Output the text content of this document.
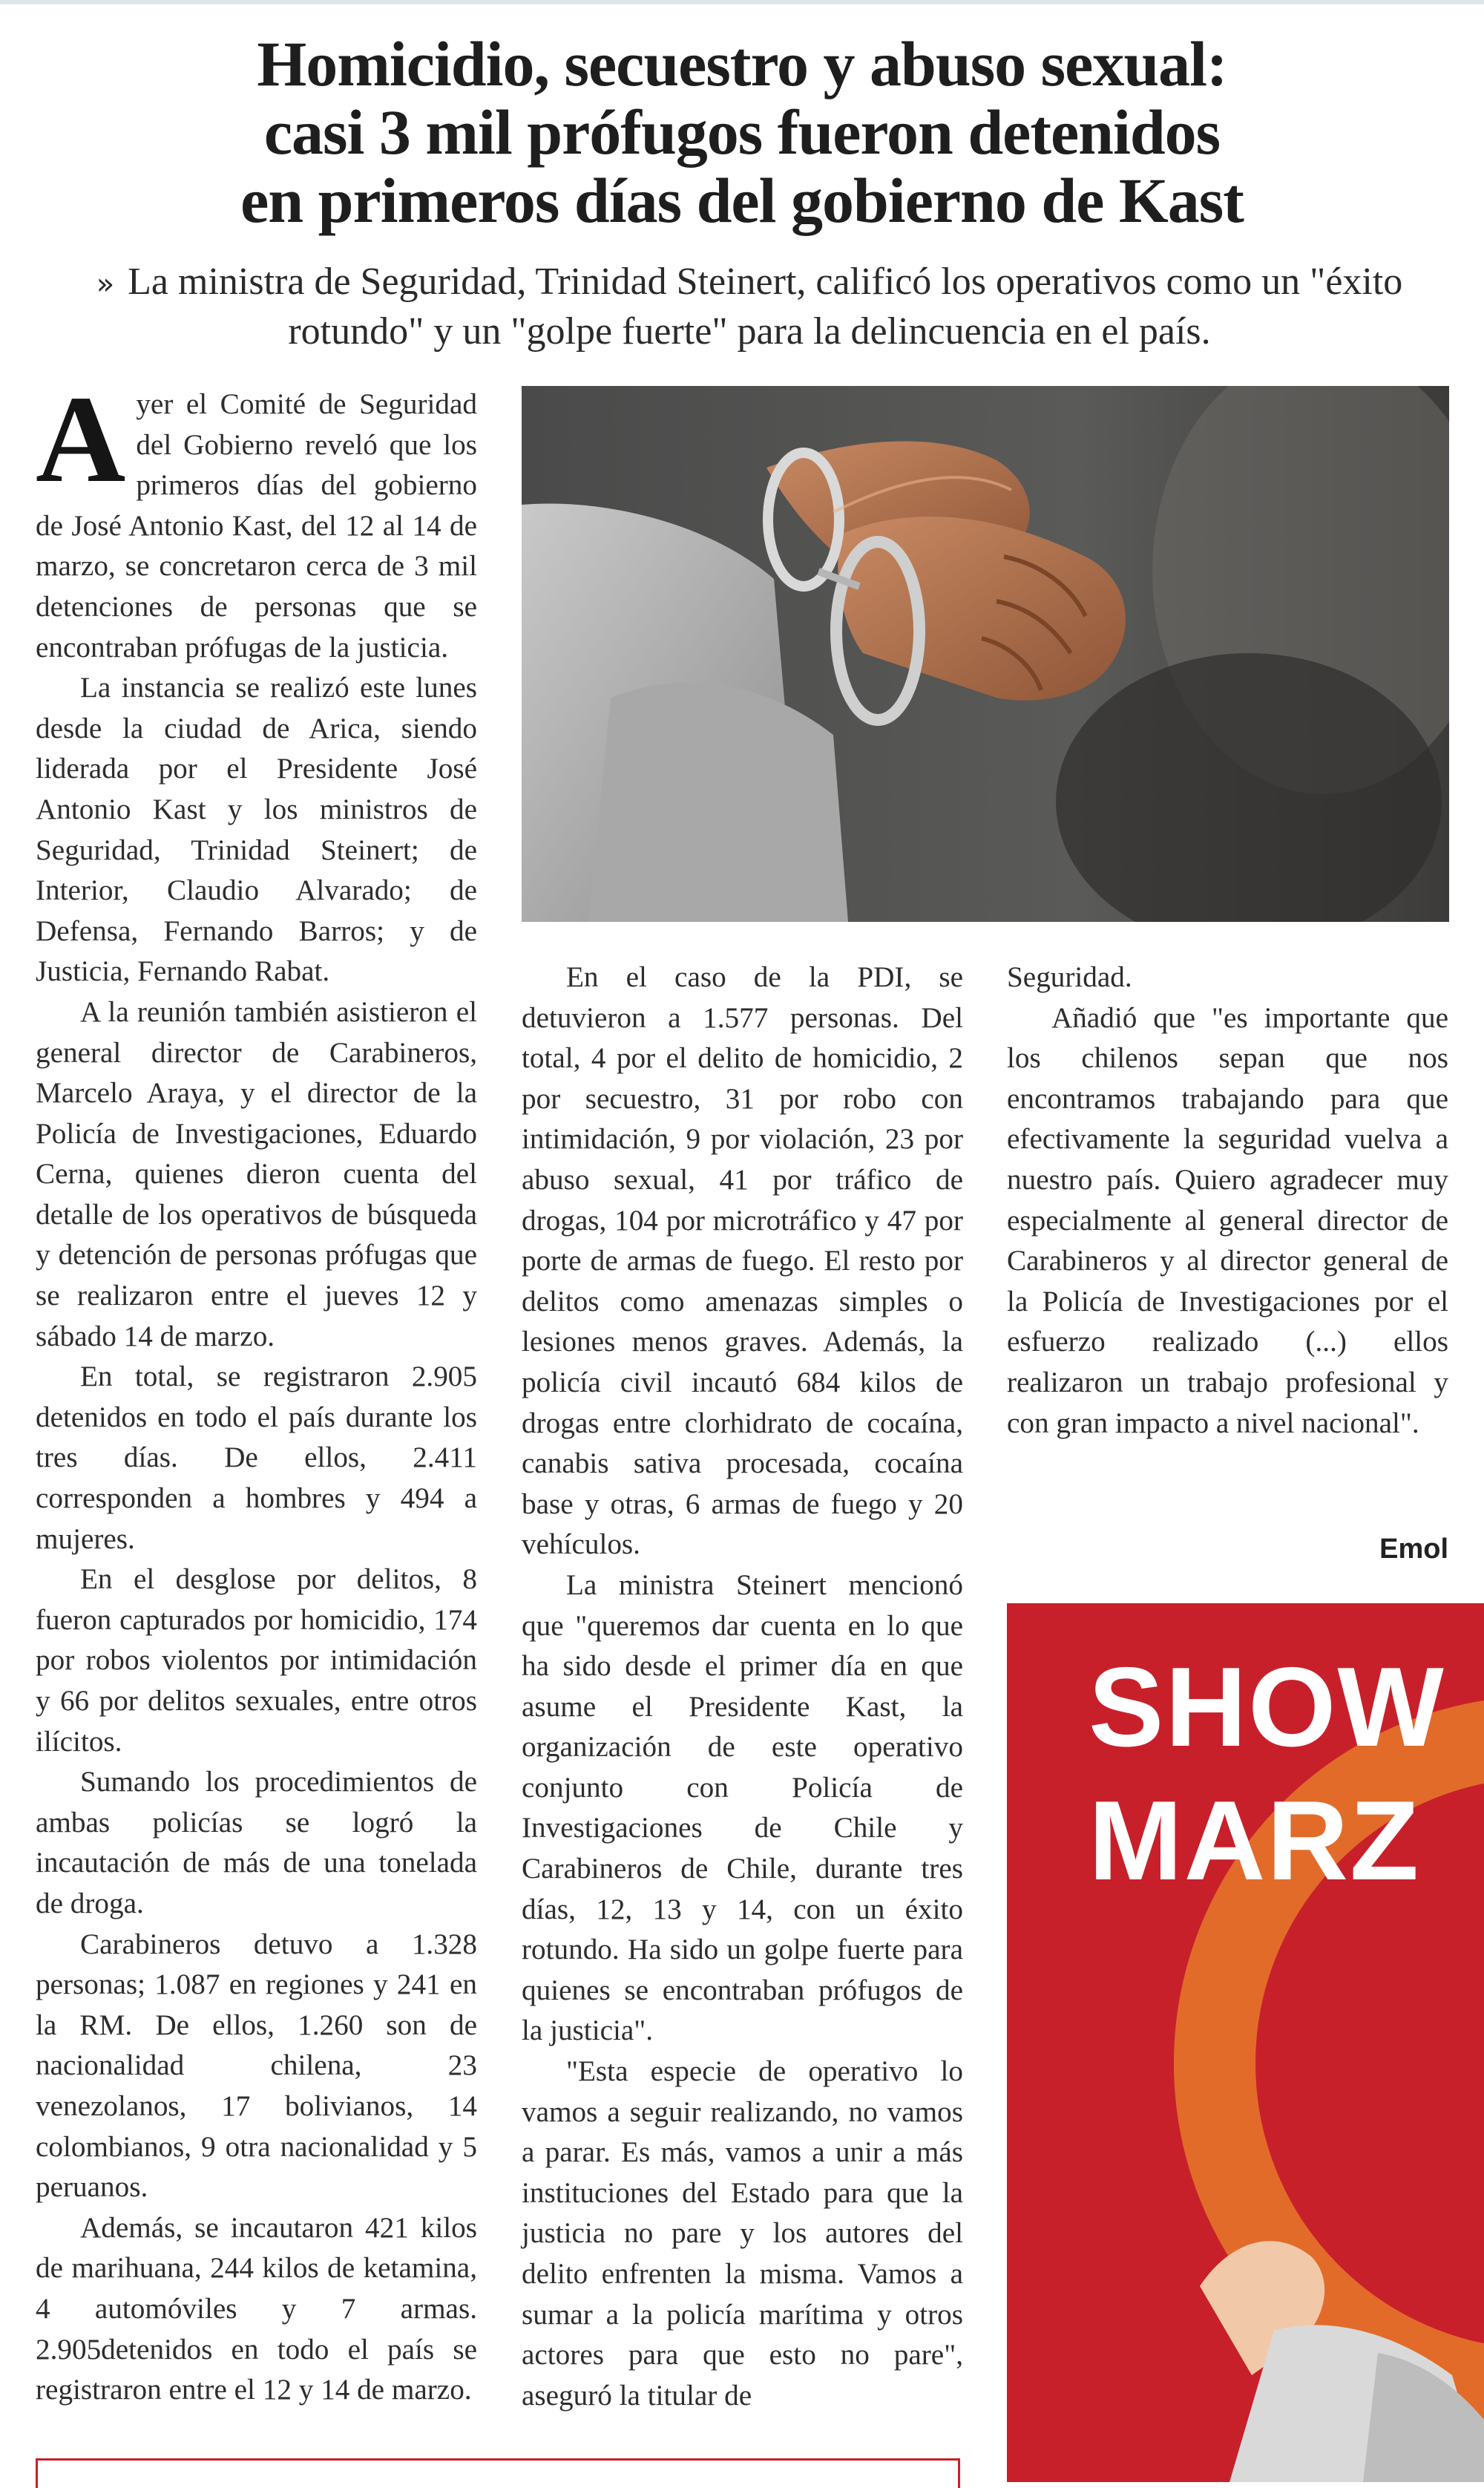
Homicidio, secuestro y abuso sexual:
casi 3 mil prófugos fueron detenidos
en primeros días del gobierno de Kast
» La ministra de Seguridad, Trinidad Steinert, calificó los operativos como un "éxito rotundo" y un "golpe fuerte" para la delincuencia en el país.

Ayer el Comité de Seguridad del Gobierno reveló que los primeros días del gobierno de José Antonio Kast, del 12 al 14 de marzo, se concretaron cerca de 3 mil detenciones de personas que se encontraban prófugas de la justicia.

La instancia se realizó este lunes desde la ciudad de Arica, siendo liderada por el Presidente José Antonio Kast y los ministros de Seguridad, Trinidad Steinert; de Interior, Claudio Alvarado; de Defensa, Fernando Barros; y de Justicia, Fernando Rabat.

A la reunión también asistieron el general director de Carabineros, Marcelo Araya, y el director de la Policía de Investigaciones, Eduardo Cerna, quienes dieron cuenta del detalle de los operativos de búsqueda y detención de personas prófugas que se realizaron entre el jueves 12 y sábado 14 de marzo.

En total, se registraron 2.905 detenidos en todo el país durante los tres días. De ellos, 2.411 corresponden a hombres y 494 a mujeres.

En el desglose por delitos, 8 fueron capturados por homicidio, 174 por robos violentos por intimidación y 66 por delitos sexuales, entre otros ilícitos.

Sumando los procedimientos de ambas policías se logró la incautación de más de una tonelada de droga.

Carabineros detuvo a 1.328 personas; 1.087 en regiones y 241 en la RM. De ellos, 1.260 son de nacionalidad chilena, 23 venezolanos, 17 bolivianos, 14 colombianos, 9 otra nacionalidad y 5 peruanos.

Además, se incautaron 421 kilos de marihuana, 244 kilos de ketamina, 4 automóviles y 7 armas. 2.905detenidos en todo el país se registraron entre el 12 y 14 de marzo.

En el caso de la PDI, se detuvieron a 1.577 personas. Del total, 4 por el delito de homicidio, 2 por secuestro, 31 por robo con intimidación, 9 por violación, 23 por abuso sexual, 41 por tráfico de drogas, 104 por microtráfico y 47 por porte de armas de fuego. El resto por delitos como amenazas simples o lesiones menos graves. Además, la policía civil incautó 684 kilos de drogas entre clorhidrato de cocaína, canabis sativa procesada, cocaína base y otras, 6 armas de fuego y 20 vehículos.

La ministra Steinert mencionó que "queremos dar cuenta en lo que ha sido desde el primer día en que asume el Presidente Kast, la organización de este operativo conjunto con Policía de Investigaciones de Chile y Carabineros de Chile, durante tres días, 12, 13 y 14, con un éxito rotundo. Ha sido un golpe fuerte para quienes se encontraban prófugos de la justicia".

"Esta especie de operativo lo vamos a seguir realizando, no vamos a parar. Es más, vamos a unir a más instituciones del Estado para que la justicia no pare y los autores del delito enfrenten la misma. Vamos a sumar a la policía marítima y otros actores para que esto no pare", aseguró la titular de

Seguridad.

Añadió que "es importante que los chilenos sepan que nos encontramos trabajando para que efectivamente la seguridad vuelva a nuestro país. Quiero agradecer muy especialmente al general director de Carabineros y al director general de la Policía de Investigaciones por el esfuerzo realizado (...) ellos realizaron un trabajo profesional y con gran impacto a nivel nacional".

Emol
SHOW
MARZ
